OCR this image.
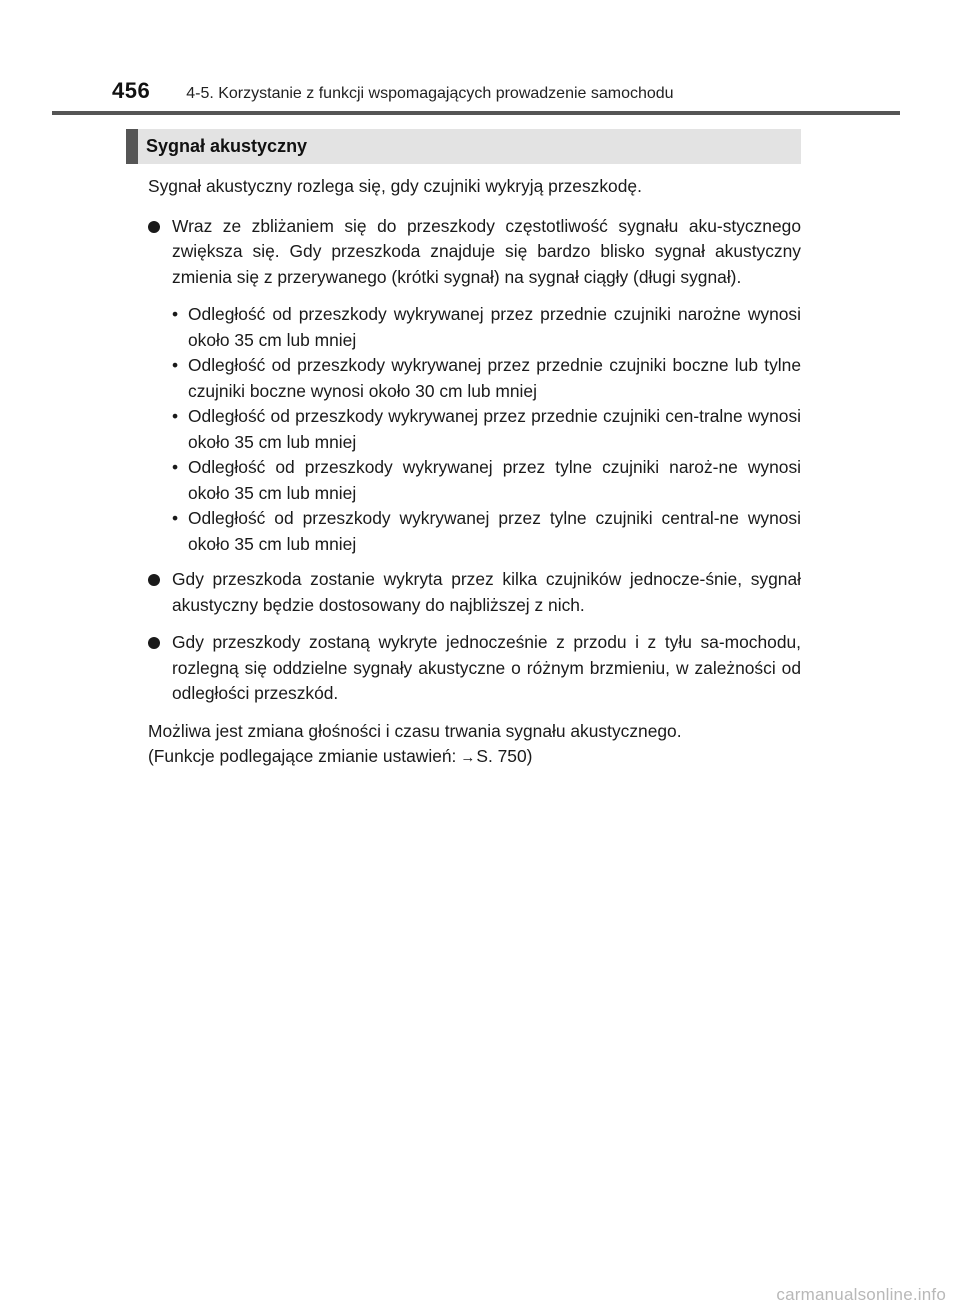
456 4-5. Korzystanie z funkcji wspomagających prowadzenie samochodu
Sygnał akustyczny

Sygnał akustyczny rozlega się, gdy czujniki wykryją przeszkodę.

Wraz ze zbliżaniem się do przeszkody częstotliwość sygnału aku-stycznego zwiększa się. Gdy przeszkoda znajduje się bardzo blisko sygnał akustyczny zmienia się z przerywanego (krótki sygnał) na sygnał ciągły (długi sygnał).
• Odległość od przeszkody wykrywanej przez przednie czujniki narożne wynosi około 35 cm lub mniej
• Odległość od przeszkody wykrywanej przez przednie czujniki boczne lub tylne czujniki boczne wynosi około 30 cm lub mniej
• Odległość od przeszkody wykrywanej przez przednie czujniki cen-tralne wynosi około 35 cm lub mniej
• Odległość od przeszkody wykrywanej przez tylne czujniki naroż-ne wynosi około 35 cm lub mniej
• Odległość od przeszkody wykrywanej przez tylne czujniki central-ne wynosi około 35 cm lub mniej
Gdy przeszkoda zostanie wykryta przez kilka czujników jednocze-śnie, sygnał akustyczny będzie dostosowany do najbliższej z nich.
Gdy przeszkody zostaną wykryte jednocześnie z przodu i z tyłu sa-mochodu, rozlegną się oddzielne sygnały akustyczne o różnym brzmieniu, w zależności od odległości przeszkód.

Możliwa jest zmiana głośności i czasu trwania sygnału akustycznego.

(Funkcje podlegające zmianie ustawień: →S. 750)

carmanualsonline.info
